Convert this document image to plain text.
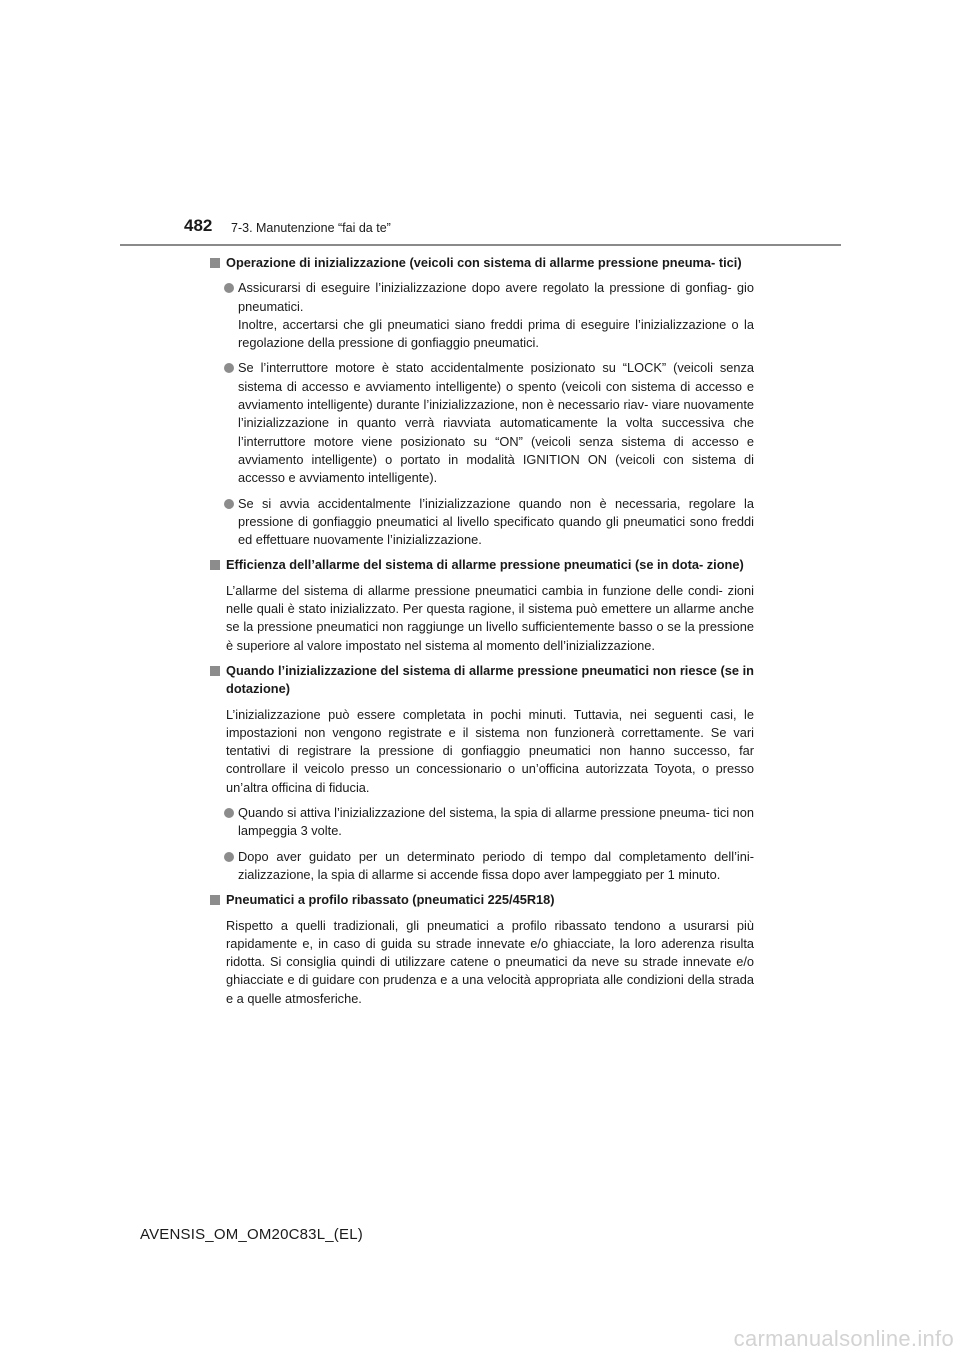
482 7-3. Manutenzione “fai da te”
Operazione di inizializzazione (veicoli con sistema di allarme pressione pneuma- tici)
Assicurarsi di eseguire l’inizializzazione dopo avere regolato la pressione di gonfiag- gio pneumatici.
Inoltre, accertarsi che gli pneumatici siano freddi prima di eseguire l’inizializzazione o la regolazione della pressione di gonfiaggio pneumatici.
Se l’interruttore motore è stato accidentalmente posizionato su “LOCK” (veicoli senza sistema di accesso e avviamento intelligente) o spento (veicoli con sistema di accesso e avviamento intelligente) durante l’inizializzazione, non è necessario riav- viare nuovamente l’inizializzazione in quanto verrà riavviata automaticamente la volta successiva che l’interruttore motore viene posizionato su “ON” (veicoli senza sistema di accesso e avviamento intelligente) o portato in modalità IGNITION ON (veicoli con sistema di accesso e avviamento intelligente).
Se si avvia accidentalmente l’inizializzazione quando non è necessaria, regolare la pressione di gonfiaggio pneumatici al livello specificato quando gli pneumatici sono freddi ed effettuare nuovamente l’inizializzazione.
Efficienza dell’allarme del sistema di allarme pressione pneumatici (se in dota- zione)
L’allarme del sistema di allarme pressione pneumatici cambia in funzione delle condi- zioni nelle quali è stato inizializzato. Per questa ragione, il sistema può emettere un allarme anche se la pressione pneumatici non raggiunge un livello sufficientemente basso o se la pressione è superiore al valore impostato nel sistema al momento dell’inizializzazione.
Quando l’inizializzazione del sistema di allarme pressione pneumatici non riesce (se in dotazione)
L’inizializzazione può essere completata in pochi minuti. Tuttavia, nei seguenti casi, le impostazioni non vengono registrate e il sistema non funzionerà correttamente. Se vari tentativi di registrare la pressione di gonfiaggio pneumatici non hanno successo, far controllare il veicolo presso un concessionario o un’officina autorizzata Toyota, o presso un’altra officina di fiducia.
Quando si attiva l’inizializzazione del sistema, la spia di allarme pressione pneuma- tici non lampeggia 3 volte.
Dopo aver guidato per un determinato periodo di tempo dal completamento dell’ini- zializzazione, la spia di allarme si accende fissa dopo aver lampeggiato per 1 minuto.
Pneumatici a profilo ribassato (pneumatici 225/45R18)
Rispetto a quelli tradizionali, gli pneumatici a profilo ribassato tendono a usurarsi più rapidamente e, in caso di guida su strade innevate e/o ghiacciate, la loro aderenza risulta ridotta. Si consiglia quindi di utilizzare catene o pneumatici da neve su strade innevate e/o ghiacciate e di guidare con prudenza e a una velocità appropriata alle condizioni della strada e a quelle atmosferiche.
AVENSIS_OM_OM20C83L_(EL)
carmanualsonline.info
